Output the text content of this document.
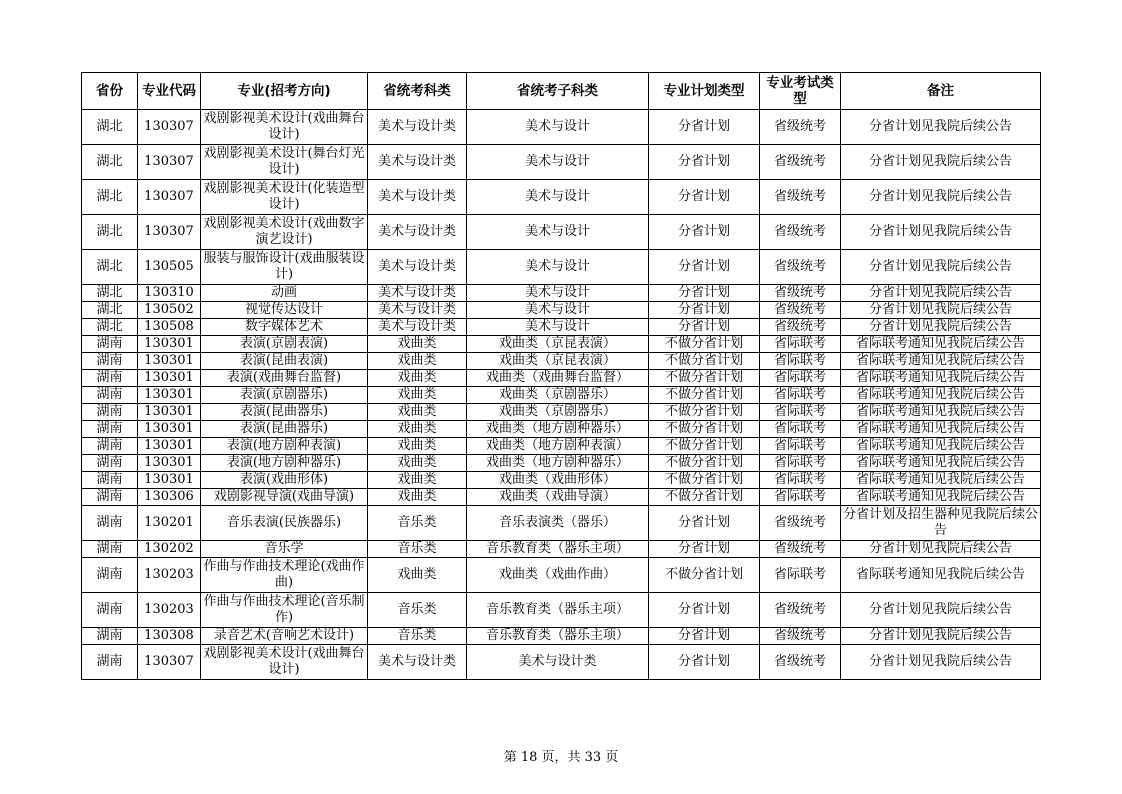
省份	专业代码	专业(招考方向)	省统考科类	省统考子科类	专业计划类型	专业考试类型	备注
湖北	130307	戏剧影视美术设计(戏曲舞台设计)	美术与设计类	美术与设计	分省计划	省级统考	分省计划见我院后续公告
湖北	130307	戏剧影视美术设计(舞台灯光设计)	美术与设计类	美术与设计	分省计划	省级统考	分省计划见我院后续公告
湖北	130307	戏剧影视美术设计(化装造型设计)	美术与设计类	美术与设计	分省计划	省级统考	分省计划见我院后续公告
湖北	130307	戏剧影视美术设计(戏曲数字演艺设计)	美术与设计类	美术与设计	分省计划	省级统考	分省计划见我院后续公告
湖北	130505	服装与服饰设计(戏曲服装设计)	美术与设计类	美术与设计	分省计划	省级统考	分省计划见我院后续公告
湖北	130310	动画	美术与设计类	美术与设计	分省计划	省级统考	分省计划见我院后续公告
湖北	130502	视觉传达设计	美术与设计类	美术与设计	分省计划	省级统考	分省计划见我院后续公告
湖北	130508	数字媒体艺术	美术与设计类	美术与设计	分省计划	省级统考	分省计划见我院后续公告
湖南	130301	表演(京剧表演)	戏曲类	戏曲类（京昆表演）	不做分省计划	省际联考	省际联考通知见我院后续公告
湖南	130301	表演(昆曲表演)	戏曲类	戏曲类（京昆表演）	不做分省计划	省际联考	省际联考通知见我院后续公告
湖南	130301	表演(戏曲舞台监督)	戏曲类	戏曲类（戏曲舞台监督）	不做分省计划	省际联考	省际联考通知见我院后续公告
湖南	130301	表演(京剧器乐)	戏曲类	戏曲类（京剧器乐）	不做分省计划	省际联考	省际联考通知见我院后续公告
湖南	130301	表演(昆曲器乐)	戏曲类	戏曲类（京剧器乐）	不做分省计划	省际联考	省际联考通知见我院后续公告
湖南	130301	表演(昆曲器乐)	戏曲类	戏曲类（地方剧种器乐）	不做分省计划	省际联考	省际联考通知见我院后续公告
湖南	130301	表演(地方剧种表演)	戏曲类	戏曲类（地方剧种表演）	不做分省计划	省际联考	省际联考通知见我院后续公告
湖南	130301	表演(地方剧种器乐)	戏曲类	戏曲类（地方剧种器乐）	不做分省计划	省际联考	省际联考通知见我院后续公告
湖南	130301	表演(戏曲形体)	戏曲类	戏曲类（戏曲形体）	不做分省计划	省际联考	省际联考通知见我院后续公告
湖南	130306	戏剧影视导演(戏曲导演)	戏曲类	戏曲类（戏曲导演）	不做分省计划	省际联考	省际联考通知见我院后续公告
湖南	130201	音乐表演(民族器乐)	音乐类	音乐表演类（器乐）	分省计划	省级统考	分省计划及招生器种见我院后续公告
湖南	130202	音乐学	音乐类	音乐教育类（器乐主项）	分省计划	省级统考	分省计划见我院后续公告
湖南	130203	作曲与作曲技术理论(戏曲作曲)	戏曲类	戏曲类（戏曲作曲）	不做分省计划	省际联考	省际联考通知见我院后续公告
湖南	130203	作曲与作曲技术理论(音乐制作)	音乐类	音乐教育类（器乐主项）	分省计划	省级统考	分省计划见我院后续公告
湖南	130308	录音艺术(音响艺术设计)	音乐类	音乐教育类（器乐主项）	分省计划	省级统考	分省计划见我院后续公告
湖南	130307	戏剧影视美术设计(戏曲舞台设计)	美术与设计类	美术与设计类	分省计划	省级统考	分省计划见我院后续公告
第 18 页，共 33 页
